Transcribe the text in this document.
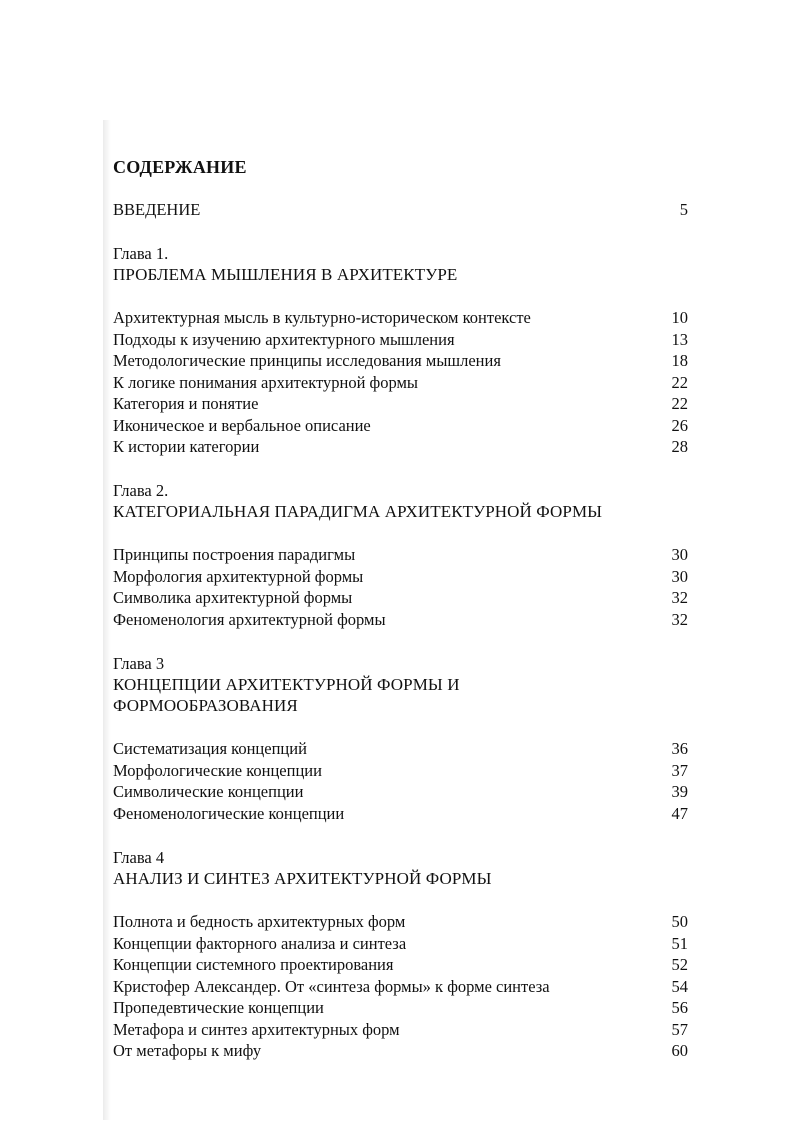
СОДЕРЖАНИЕ
ВВЕДЕНИЕ	5
Глава 1.
ПРОБЛЕМА МЫШЛЕНИЯ В АРХИТЕКТУРЕ
Архитектурная мысль в культурно-историческом контексте	10
Подходы к изучению архитектурного мышления	13
Методологические принципы исследования мышления	18
К логике понимания архитектурной формы	22
Категория и понятие	22
Иконическое и вербальное описание	26
К истории категории	28
Глава 2.
КАТЕГОРИАЛЬНАЯ ПАРАДИГМА АРХИТЕКТУРНОЙ ФОРМЫ
Принципы построения парадигмы	30
Морфология архитектурной формы	30
Символика архитектурной формы	32
Феноменология архитектурной формы	32
Глава 3
КОНЦЕПЦИИ АРХИТЕКТУРНОЙ ФОРМЫ И
ФОРМООБРАЗОВАНИЯ
Систематизация концепций	36
Морфологические концепции	37
Символические концепции	39
Феноменологические концепции	47
Глава 4
АНАЛИЗ И СИНТЕЗ АРХИТЕКТУРНОЙ ФОРМЫ
Полнота и бедность архитектурных форм	50
Концепции факторного анализа и синтеза	51
Концепции системного проектирования	52
Кристофер Александер. От «синтеза формы» к форме синтеза	54
Пропедевтические концепции	56
Метафора и синтез архитектурных форм	57
От метафоры к мифу	60
